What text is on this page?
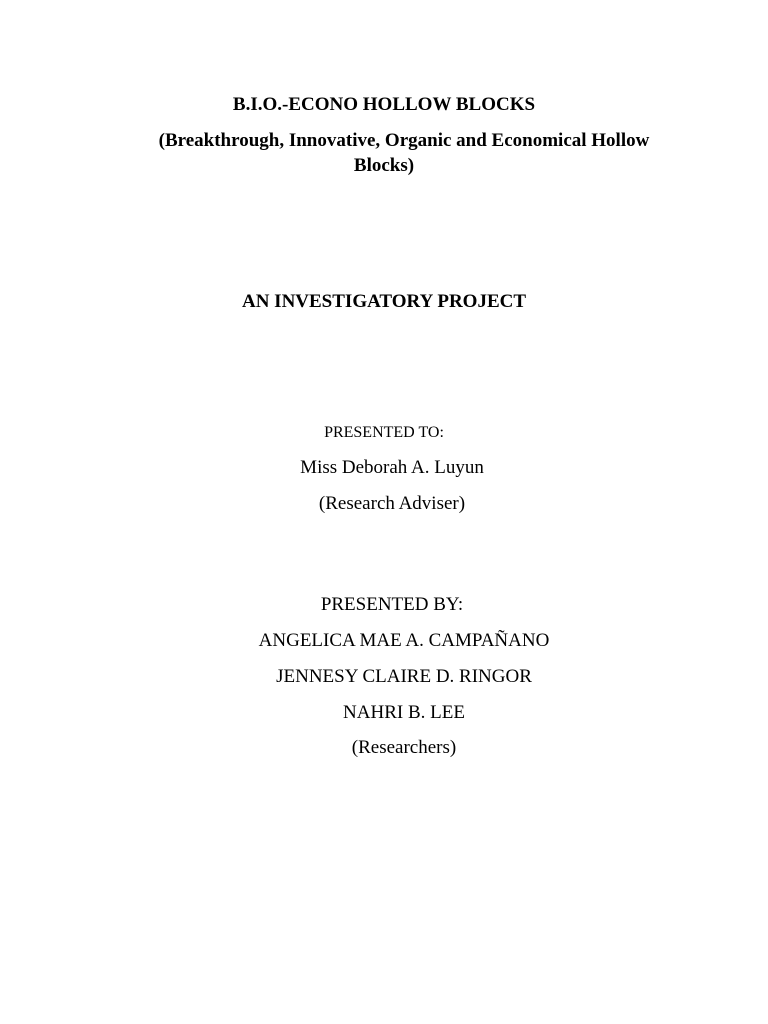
B.I.O.-ECONO HOLLOW BLOCKS
(Breakthrough, Innovative, Organic and Economical Hollow
Blocks)
AN INVESTIGATORY PROJECT
PRESENTED TO:
Miss Deborah A. Luyun
(Research Adviser)
PRESENTED BY:
ANGELICA MAE A. CAMPAÑANO
JENNESY CLAIRE D. RINGOR
NAHRI B. LEE
(Researchers)
